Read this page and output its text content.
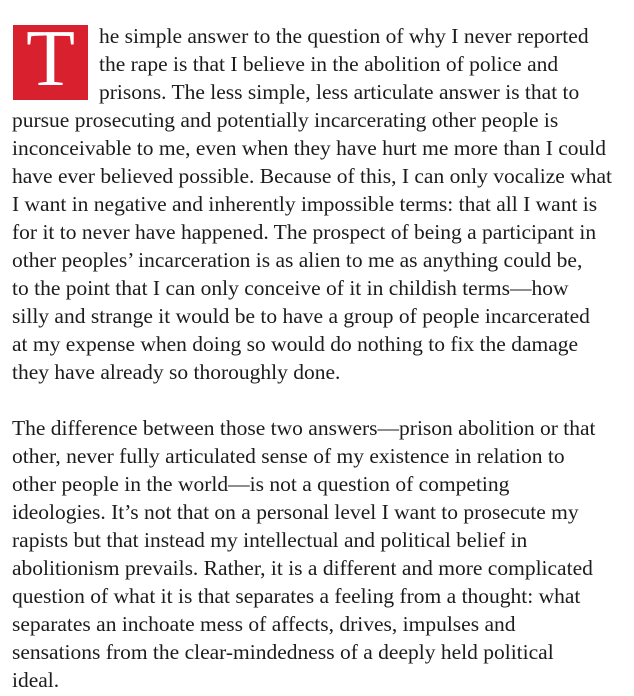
T	he simple answer to the question of why I never reported
the rape is that I believe in the abolition of police and
prisons. The less simple, less articulate answer is that to
pursue prosecuting and potentially incarcerating other people is
inconceivable to me, even when they have hurt me more than I could
have ever believed possible. Because of this, I can only vocalize what
I want in negative and inherently impossible terms: that all I want is
for it to never have happened. The prospect of being a participant in
other peoples’ incarceration is as alien to me as anything could be,
to the point that I can only conceive of it in childish terms—how
silly and strange it would be to have a group of people incarcerated
at my expense when doing so would do nothing to fix the damage
they have already so thoroughly done.
The difference between those two answers—prison abolition or that
other, never fully articulated sense of my existence in relation to
other people in the world—is not a question of competing
ideologies. It’s not that on a personal level I want to prosecute my
rapists but that instead my intellectual and political belief in
abolitionism prevails. Rather, it is a different and more complicated
question of what it is that separates a feeling from a thought: what
separates an inchoate mess of affects, drives, impulses and
sensations from the clear-mindedness of a deeply held political
ideal.
